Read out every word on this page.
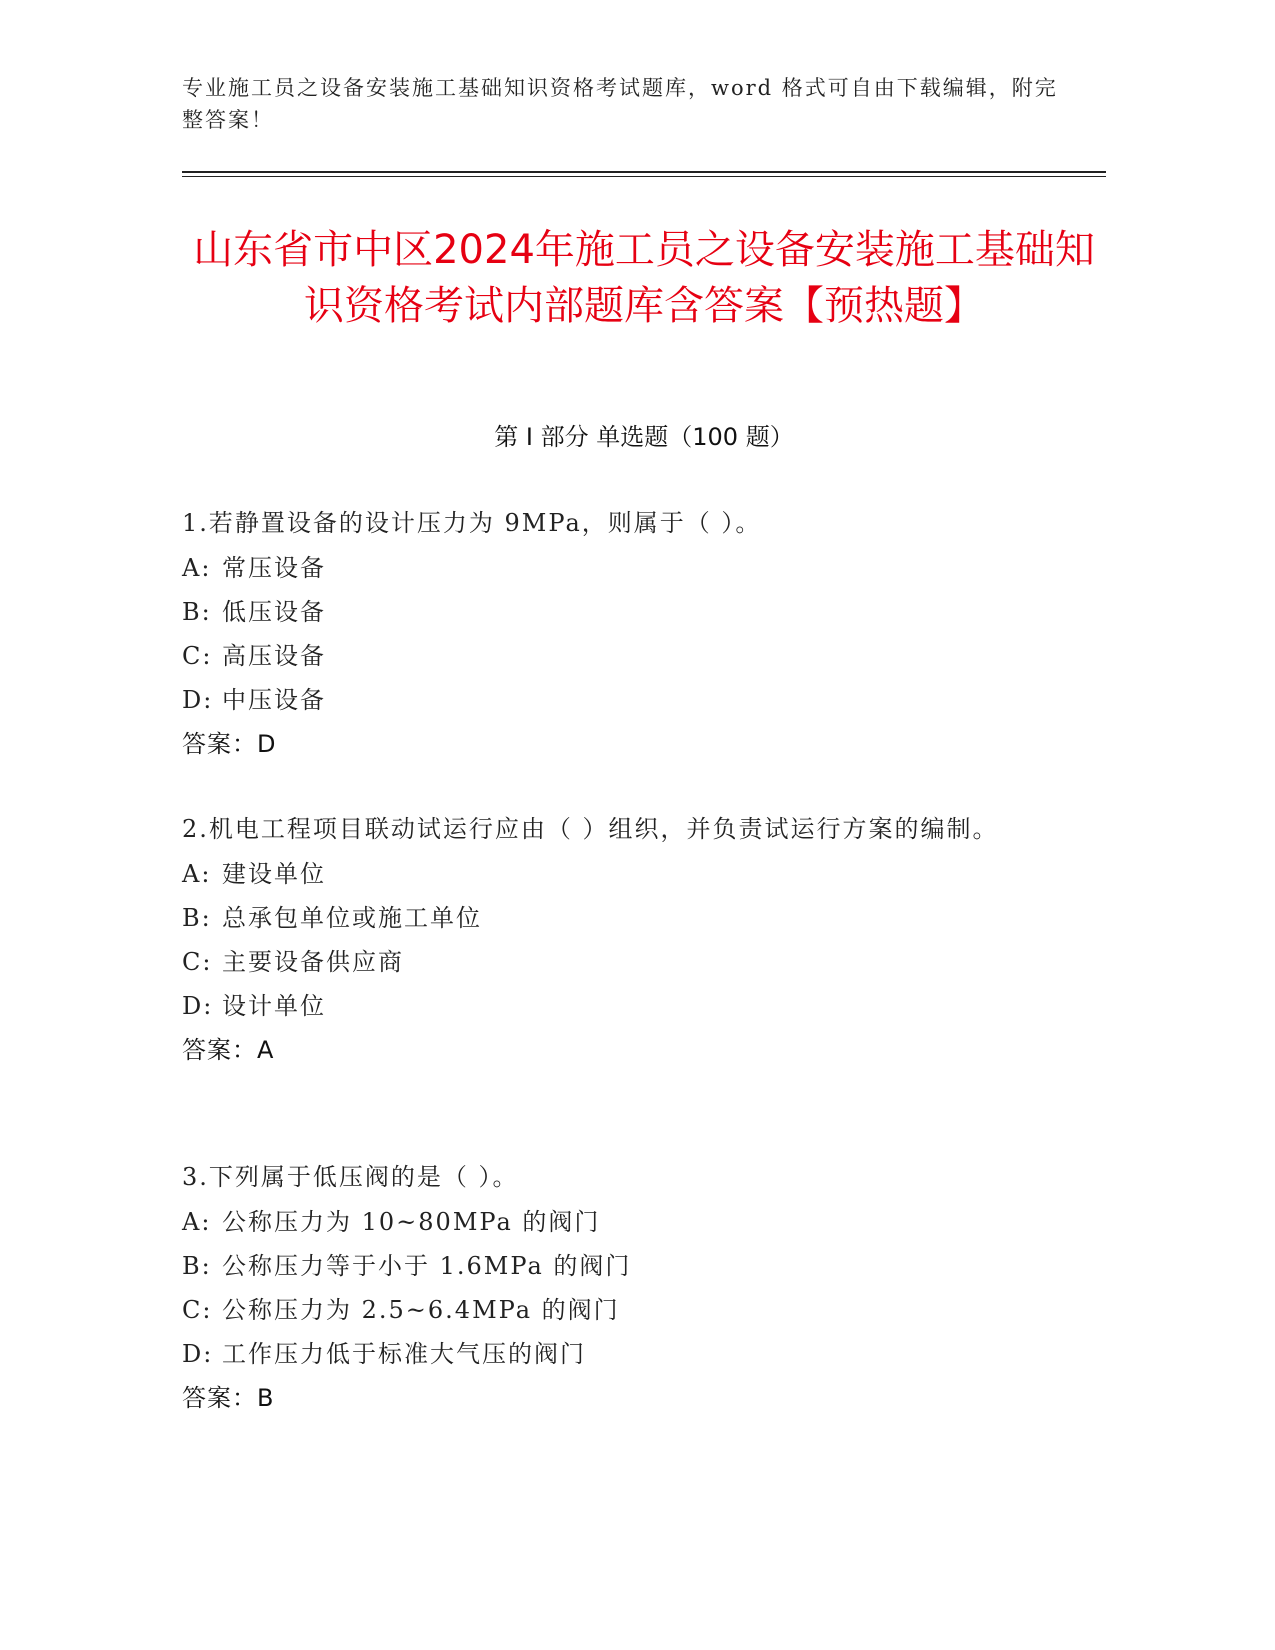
专业施工员之设备安装施工基础知识资格考试题库，word 格式可自由下载编辑，附完整答案！
山东省市中区2024年施工员之设备安装施工基础知识资格考试内部题库含答案【预热题】
第 I 部分 单选题（100 题）
1.若静置设备的设计压力为 9MPa，则属于（ ）。
A: 常压设备
B: 低压设备
C: 高压设备
D: 中压设备
答案：D
2.机电工程项目联动试运行应由（ ）组织，并负责试运行方案的编制。
A: 建设单位
B: 总承包单位或施工单位
C: 主要设备供应商
D: 设计单位
答案：A
3.下列属于低压阀的是（ ）。
A: 公称压力为 10~80MPa 的阀门
B: 公称压力等于小于 1.6MPa 的阀门
C: 公称压力为 2.5~6.4MPa 的阀门
D: 工作压力低于标准大气压的阀门
答案：B
